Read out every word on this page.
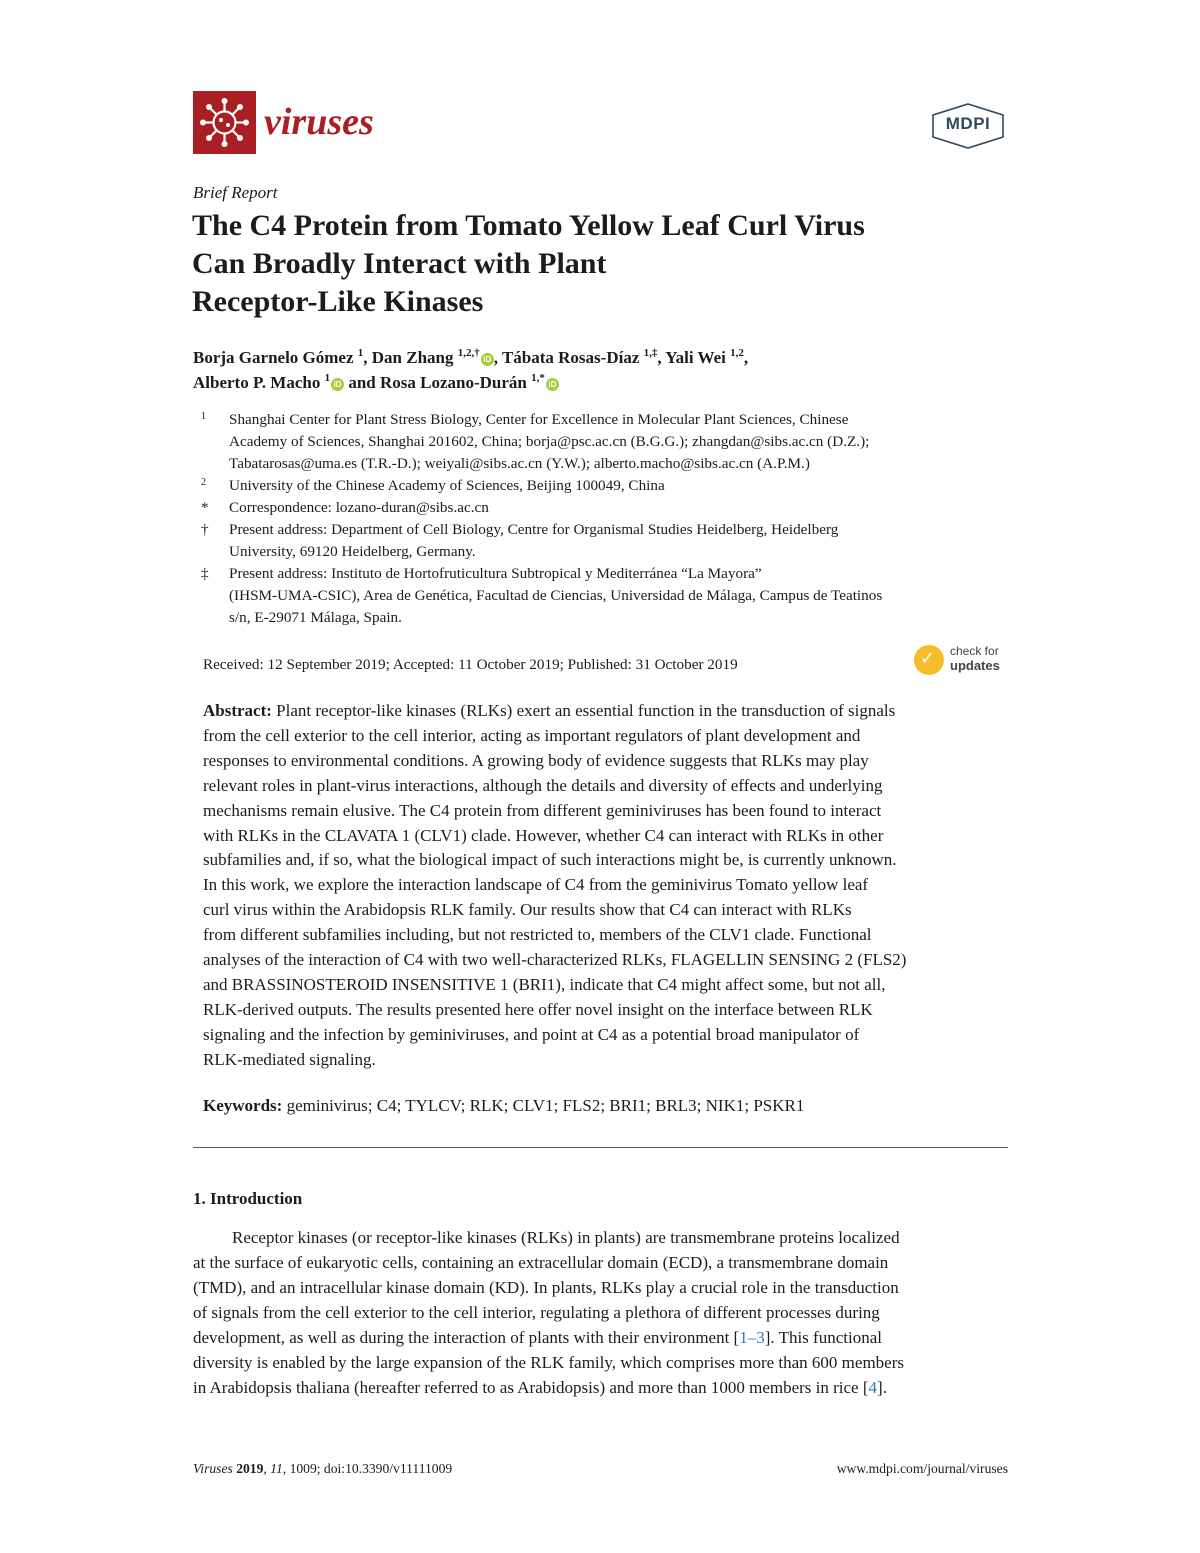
viruses	MDPI
Brief Report
The C4 Protein from Tomato Yellow Leaf Curl Virus
Can Broadly Interact with Plant
Receptor-Like Kinases
Borja Garnelo Gómez $^1$, Dan Zhang $^{1,2,\dagger}$iD , Tábata Rosas-Díaz $^{1,\ddagger}$, Yali Wei $^{1,2}$,
Alberto P. Macho $^1$iD and Rosa Lozano-Durán $^{1,*}$iD
1	Shanghai Center for Plant Stress Biology, Center for Excellence in Molecular Plant Sciences, Chinese
Academy of Sciences, Shanghai 201602, China; borja@psc.ac.cn (B.G.G.); zhangdan@sibs.ac.cn (D.Z.);
Tabatarosas@uma.es (T.R.-D.); weiyali@sibs.ac.cn (Y.W.); alberto.macho@sibs.ac.cn (A.P.M.)
2	University of the Chinese Academy of Sciences, Beijing 100049, China
*	Correspondence: lozano-duran@sibs.ac.cn
†	Present address: Department of Cell Biology, Centre for Organismal Studies Heidelberg, Heidelberg
University, 69120 Heidelberg, Germany.
‡	Present address: Instituto de Hortofruticultura Subtropical y Mediterránea “La Mayora”
(IHSM-UMA-CSIC), Area de Genética, Facultad de Ciencias, Universidad de Málaga, Campus de Teatinos
s/n, E-29071 Málaga, Spain.
Received: 12 September 2019; Accepted: 11 October 2019; Published: 31 October 2019	✓ check for
updates
Abstract: Plant receptor-like kinases (RLKs) exert an essential function in the transduction of signals
from the cell exterior to the cell interior, acting as important regulators of plant development and
responses to environmental conditions. A growing body of evidence suggests that RLKs may play
relevant roles in plant-virus interactions, although the details and diversity of effects and underlying
mechanisms remain elusive. The C4 protein from different geminiviruses has been found to interact
with RLKs in the CLAVATA 1 (CLV1) clade. However, whether C4 can interact with RLKs in other
subfamilies and, if so, what the biological impact of such interactions might be, is currently unknown.
In this work, we explore the interaction landscape of C4 from the geminivirus Tomato yellow leaf
curl virus within the Arabidopsis RLK family. Our results show that C4 can interact with RLKs
from different subfamilies including, but not restricted to, members of the CLV1 clade. Functional
analyses of the interaction of C4 with two well-characterized RLKs, FLAGELLIN SENSING 2 (FLS2)
and BRASSINOSTEROID INSENSITIVE 1 (BRI1), indicate that C4 might affect some, but not all,
RLK-derived outputs. The results presented here offer novel insight on the interface between RLK
signaling and the infection by geminiviruses, and point at C4 as a potential broad manipulator of
RLK-mediated signaling.
Keywords: geminivirus; C4; TYLCV; RLK; CLV1; FLS2; BRI1; BRL3; NIK1; PSKR1
1. Introduction
Receptor kinases (or receptor-like kinases (RLKs) in plants) are transmembrane proteins localized
at the surface of eukaryotic cells, containing an extracellular domain (ECD), a transmembrane domain
(TMD), and an intracellular kinase domain (KD). In plants, RLKs play a crucial role in the transduction
of signals from the cell exterior to the cell interior, regulating a plethora of different processes during
development, as well as during the interaction of plants with their environment [1–3]. This functional
diversity is enabled by the large expansion of the RLK family, which comprises more than 600 members
in Arabidopsis thaliana (hereafter referred to as Arabidopsis) and more than 1000 members in rice [4].
Viruses 2019, 11, 1009; doi:10.3390/v11111009	www.mdpi.com/journal/viruses
